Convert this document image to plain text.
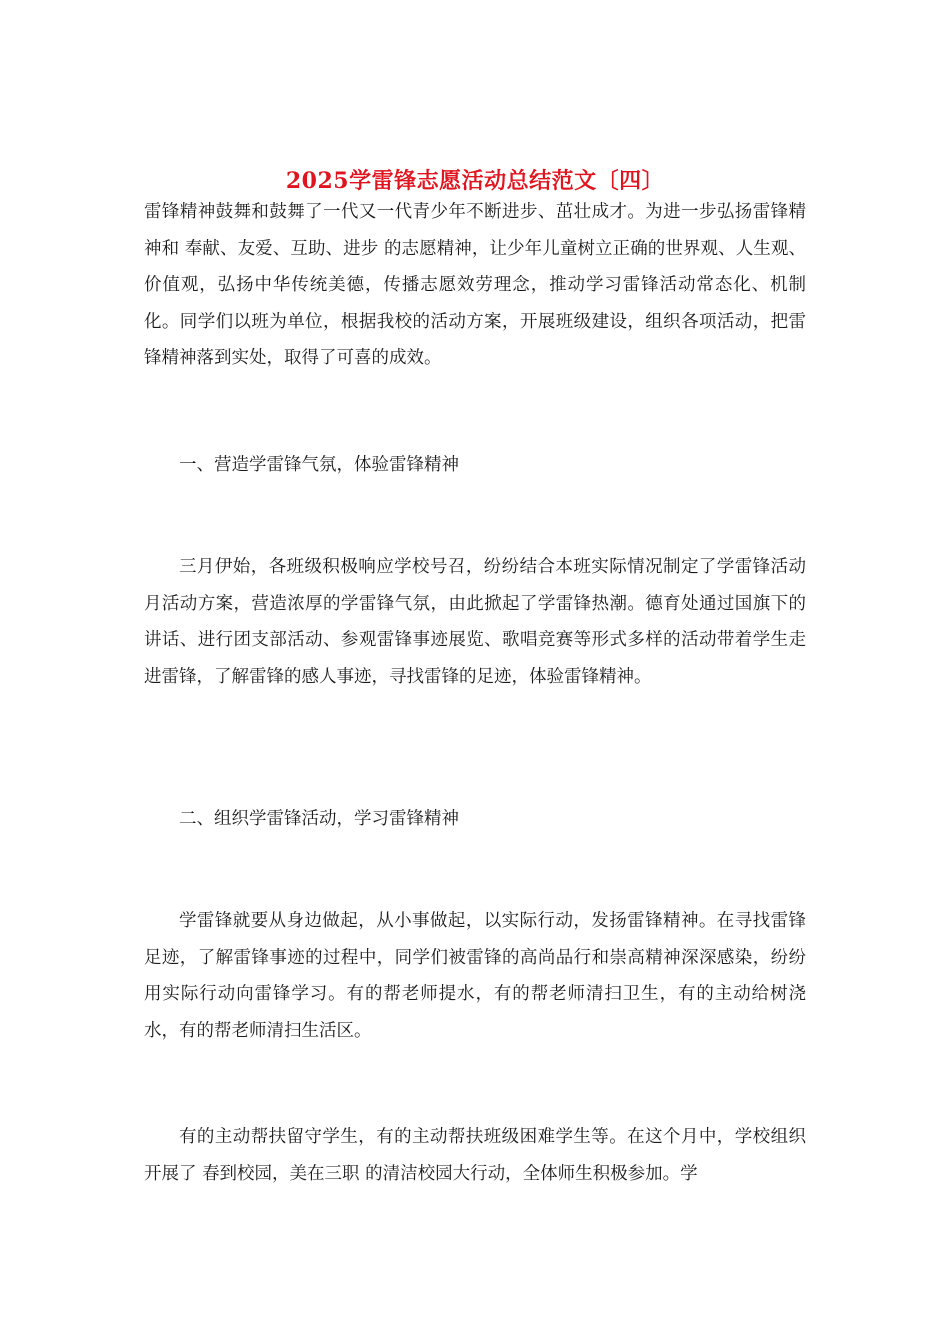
2025学雷锋志愿活动总结范文〔四〕

雷锋精神鼓舞和鼓舞了一代又一代青少年不断进步、茁壮成才。为进一步弘扬雷锋精神和 奉献、友爱、互助、进步 的志愿精神，让少年儿童树立正确的世界观、人生观、价值观，弘扬中华传统美德，传播志愿效劳理念，推动学习雷锋活动常态化、机制化。同学们以班为单位，根据我校的活动方案，开展班级建设，组织各项活动，把雷锋精神落到实处，取得了可喜的成效。

一、营造学雷锋气氛，体验雷锋精神

三月伊始，各班级积极响应学校号召，纷纷结合本班实际情况制定了学雷锋活动月活动方案，营造浓厚的学雷锋气氛，由此掀起了学雷锋热潮。德育处通过国旗下的讲话、进行团支部活动、参观雷锋事迹展览、歌唱竞赛等形式多样的活动带着学生走进雷锋，了解雷锋的感人事迹，寻找雷锋的足迹，体验雷锋精神。

二、组织学雷锋活动，学习雷锋精神

学雷锋就要从身边做起，从小事做起，以实际行动，发扬雷锋精神。在寻找雷锋足迹，了解雷锋事迹的过程中，同学们被雷锋的高尚品行和崇高精神深深感染，纷纷用实际行动向雷锋学习。有的帮老师提水，有的帮老师清扫卫生，有的主动给树浇水，有的帮老师清扫生活区。

有的主动帮扶留守学生，有的主动帮扶班级困难学生等。在这个月中，学校组织开展了 春到校园，美在三职 的清洁校园大行动，全体师生积极参加。学
